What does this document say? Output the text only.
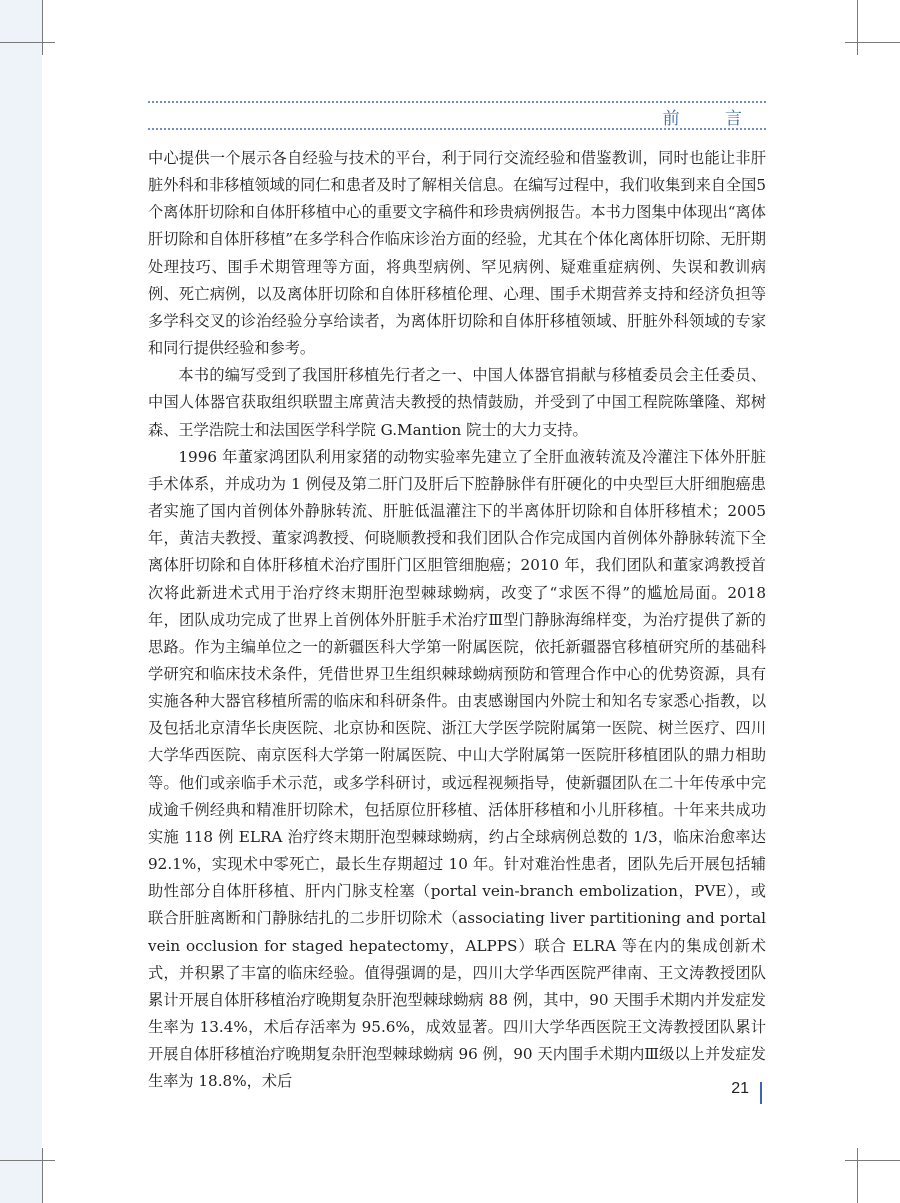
前 言

中心提供一个展示各自经验与技术的平台，利于同行交流经验和借鉴教训，同时也能让非肝脏外科和非移植领域的同仁和患者及时了解相关信息。在编写过程中，我们收集到来自全国5个离体肝切除和自体肝移植中心的重要文字稿件和珍贵病例报告。本书力图集中体现出“离体肝切除和自体肝移植”在多学科合作临床诊治方面的经验，尤其在个体化离体肝切除、无肝期处理技巧、围手术期管理等方面，将典型病例、罕见病例、疑难重症病例、失误和教训病例、死亡病例，以及离体肝切除和自体肝移植伦理、心理、围手术期营养支持和经济负担等多学科交叉的诊治经验分享给读者，为离体肝切除和自体肝移植领域、肝脏外科领域的专家和同行提供经验和参考。

本书的编写受到了我国肝移植先行者之一、中国人体器官捐献与移植委员会主任委员、中国人体器官获取组织联盟主席黄洁夫教授的热情鼓励，并受到了中国工程院陈肇隆、郑树森、王学浩院士和法国医学科学院 G.Mantion 院士的大力支持。

1996 年董家鸿团队利用家猪的动物实验率先建立了全肝血液转流及冷灌注下体外肝脏手术体系，并成功为 1 例侵及第二肝门及肝后下腔静脉伴有肝硬化的中央型巨大肝细胞癌患者实施了国内首例体外静脉转流、肝脏低温灌注下的半离体肝切除和自体肝移植术；2005 年，黄洁夫教授、董家鸿教授、何晓顺教授和我们团队合作完成国内首例体外静脉转流下全离体肝切除和自体肝移植术治疗围肝门区胆管细胞癌；2010 年，我们团队和董家鸿教授首次将此新进术式用于治疗终末期肝泡型棘球蚴病，改变了“求医不得”的尴尬局面。2018 年，团队成功完成了世界上首例体外肝脏手术治疗Ⅲ型门静脉海绵样变，为治疗提供了新的思路。作为主编单位之一的新疆医科大学第一附属医院，依托新疆器官移植研究所的基础科学研究和临床技术条件，凭借世界卫生组织棘球蚴病预防和管理合作中心的优势资源，具有实施各种大器官移植所需的临床和科研条件。由衷感谢国内外院士和知名专家悉心指教，以及包括北京清华长庚医院、北京协和医院、浙江大学医学院附属第一医院、树兰医疗、四川大学华西医院、南京医科大学第一附属医院、中山大学附属第一医院肝移植团队的鼎力相助等。他们或亲临手术示范，或多学科研讨，或远程视频指导，使新疆团队在二十年传承中完成逾千例经典和精准肝切除术，包括原位肝移植、活体肝移植和小儿肝移植。十年来共成功实施 118 例 ELRA 治疗终末期肝泡型棘球蚴病，约占全球病例总数的 1/3，临床治愈率达 92.1%，实现术中零死亡，最长生存期超过 10 年。针对难治性患者，团队先后开展包括辅助性部分自体肝移植、肝内门脉支栓塞（portal vein-branch embolization，PVE），或联合肝脏离断和门静脉结扎的二步肝切除术（associating liver partitioning and portal vein occlusion for staged hepatectomy，ALPPS）联合 ELRA 等在内的集成创新术式，并积累了丰富的临床经验。值得强调的是，四川大学华西医院严律南、王文涛教授团队累计开展自体肝移植治疗晚期复杂肝泡型棘球蚴病 88 例，其中，90 天围手术期内并发症发生率为 13.4%，术后存活率为 95.6%，成效显著。四川大学华西医院王文涛教授团队累计开展自体肝移植治疗晚期复杂肝泡型棘球蚴病 96 例，90 天内围手术期内Ⅲ级以上并发症发生率为 18.8%，术后	21
